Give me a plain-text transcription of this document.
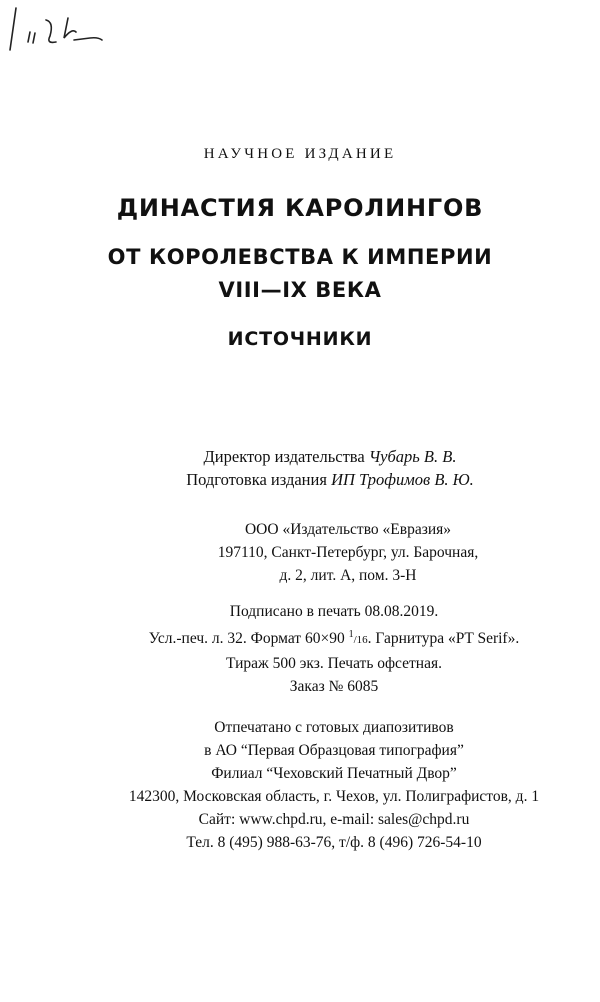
НАУЧНОЕ ИЗДАНИЕ
ДИНАСТИЯ КАРОЛИНГОВ
ОТ КОРОЛЕВСТВА К ИМПЕРИИ
VIII—IX ВЕКА
ИСТОЧНИКИ
Директор издательства Чубарь В. В.
Подготовка издания ИП Трофимов В. Ю.
ООО «Издательство «Евразия»
197110, Санкт-Петербург, ул. Барочная,
д. 2, лит. А, пом. 3-Н
Подписано в печать 08.08.2019.
Усл.-печ. л. 32. Формат 60×90 $^1$/16. Гарнитура «PT Serif».
Тираж 500 экз. Печать офсетная.
Заказ № 6085
Отпечатано с готовых диапозитивов
в АО “Первая Образцовая типография”
Филиал “Чеховский Печатный Двор”
142300, Московская область, г. Чехов, ул. Полиграфистов, д. 1
Сайт: www.chpd.ru, e-mail: sales@chpd.ru
Тел. 8 (495) 988-63-76, т/ф. 8 (496) 726-54-10
